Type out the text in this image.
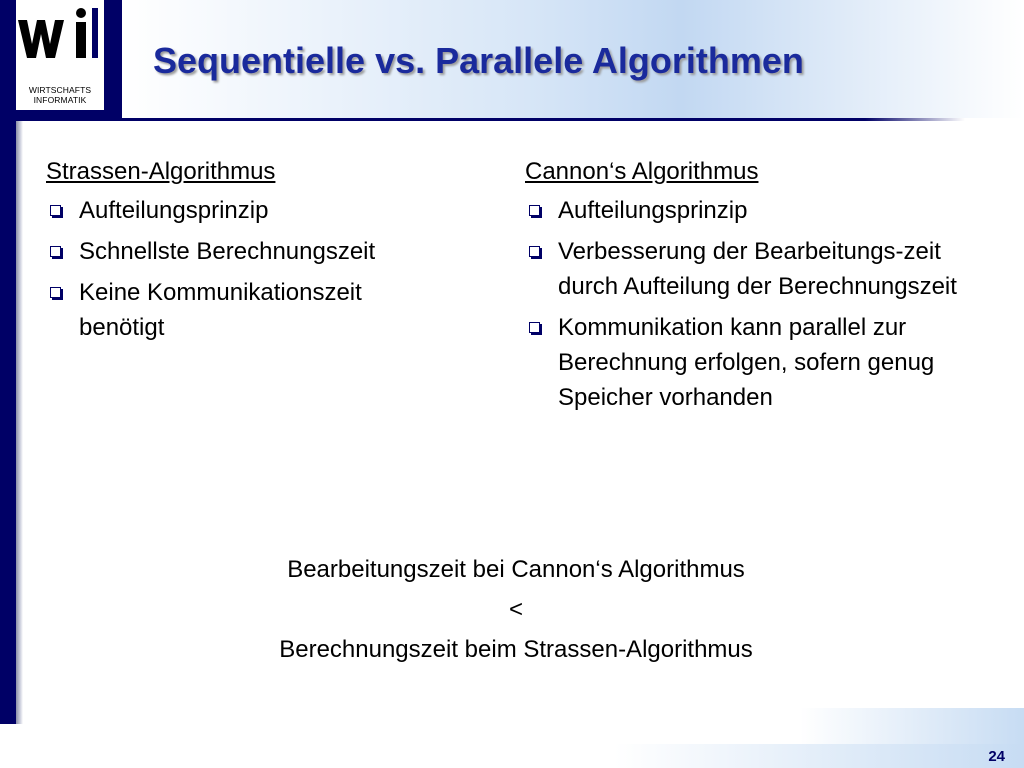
WIRTSCHAFTS
INFORMATIK
Sequentielle vs. Parallele Algorithmen
Strassen-Algorithmus
Aufteilungsprinzip
Schnellste Berechnungszeit
Keine Kommunikationszeit benötigt
Cannon‘s Algorithmus
Aufteilungsprinzip
Verbesserung der Bearbeitungs-zeit durch Aufteilung der Berechnungszeit
Kommunikation kann parallel zur Berechnung erfolgen, sofern genug Speicher vorhanden
Bearbeitungszeit bei Cannon‘s Algorithmus
<
Berechnungszeit beim Strassen-Algorithmus
24
